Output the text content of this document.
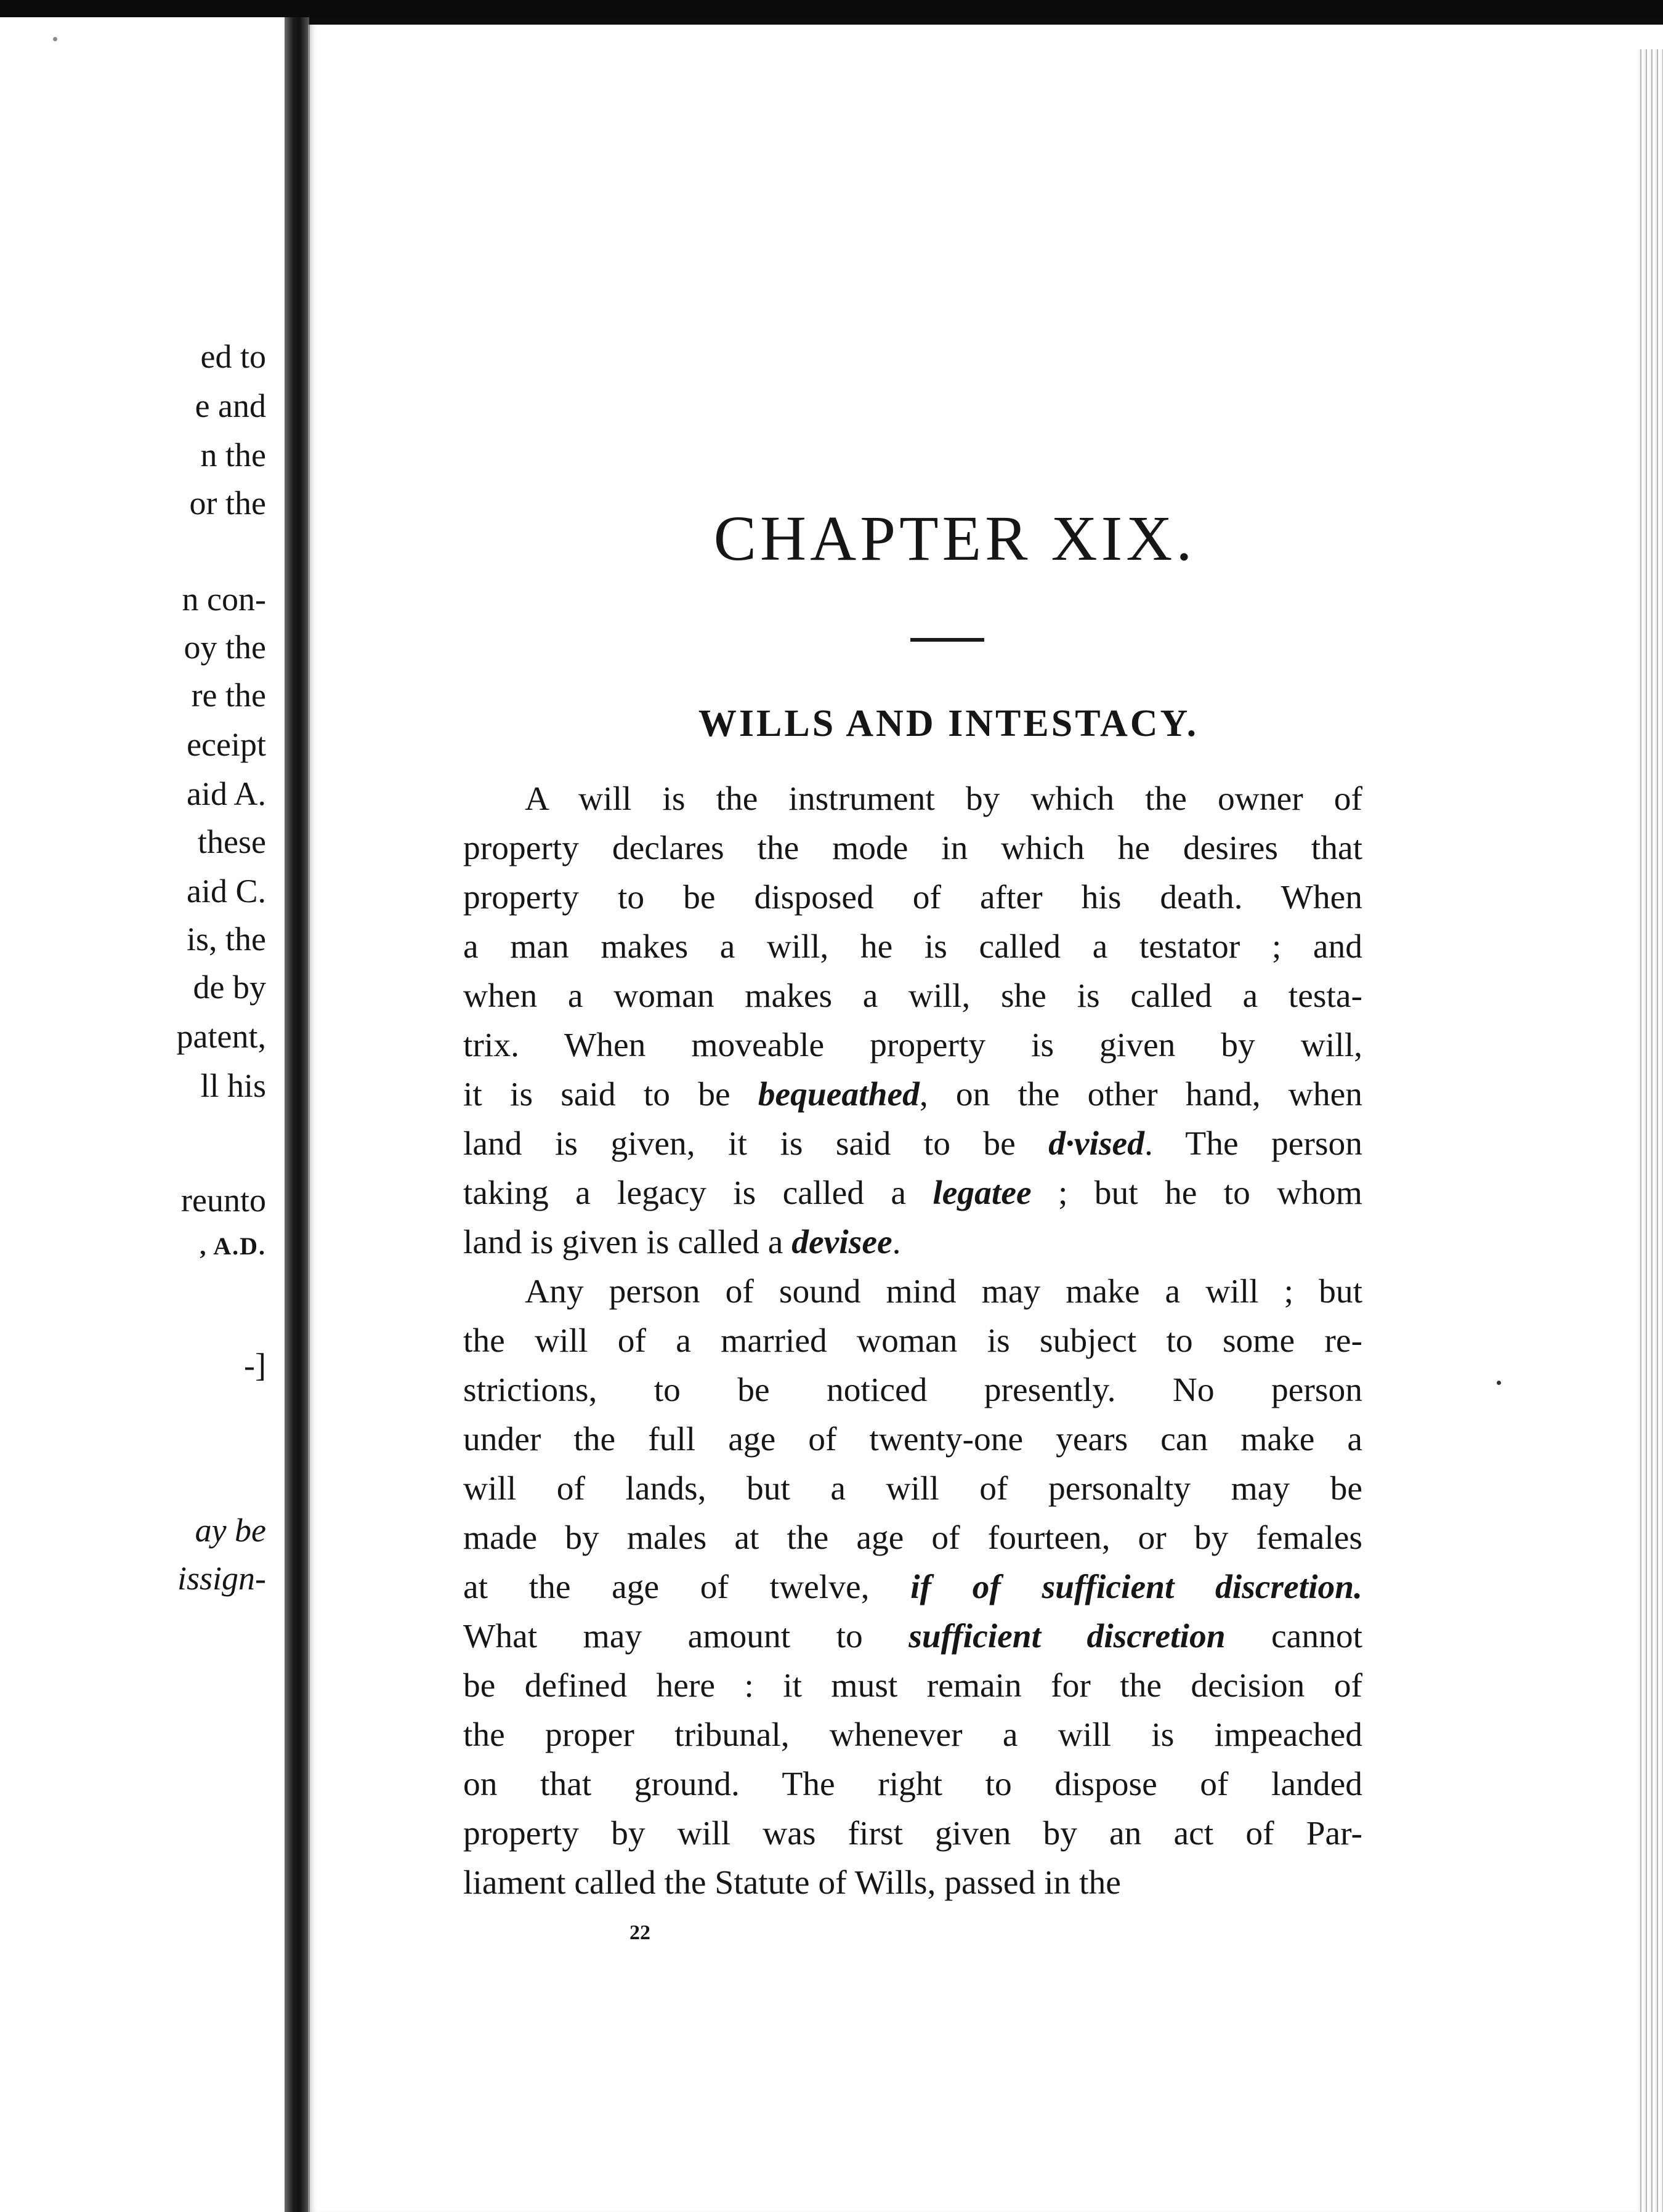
ed to
e and
n the
or the
n con-
oy the
re the
eceipt
aid A.
these
aid C.
is, the
de by
patent,
ll his
reunto
, A.D.
-]
ay be
issign-
CHAPTER XIX.
WILLS AND INTESTACY.

A will is the instrument by which the owner of
property declares the mode in which he desires that
property to be disposed of after his death. When
a man makes a will, he is called a testator ; and
when a woman makes a will, she is called a testa-
trix. When moveable property is given by will,
it is said to be bequeathed, on the other hand, when
land is given, it is said to be d·vised. The person
taking a legacy is called a legatee ; but he to whom
land is given is called a devisee.

Any person of sound mind may make a will ; but
the will of a married woman is subject to some re-
strictions, to be noticed presently. No person
under the full age of twenty-one years can make a
will of lands, but a will of personalty may be
made by males at the age of fourteen, or by females
at the age of twelve, if of sufficient discretion.
What may amount to sufficient discretion cannot
be defined here : it must remain for the decision of
the proper tribunal, whenever a will is impeached
on that ground. The right to dispose of landed
property by will was first given by an act of Par-
liament called the Statute of Wills, passed in the

22
